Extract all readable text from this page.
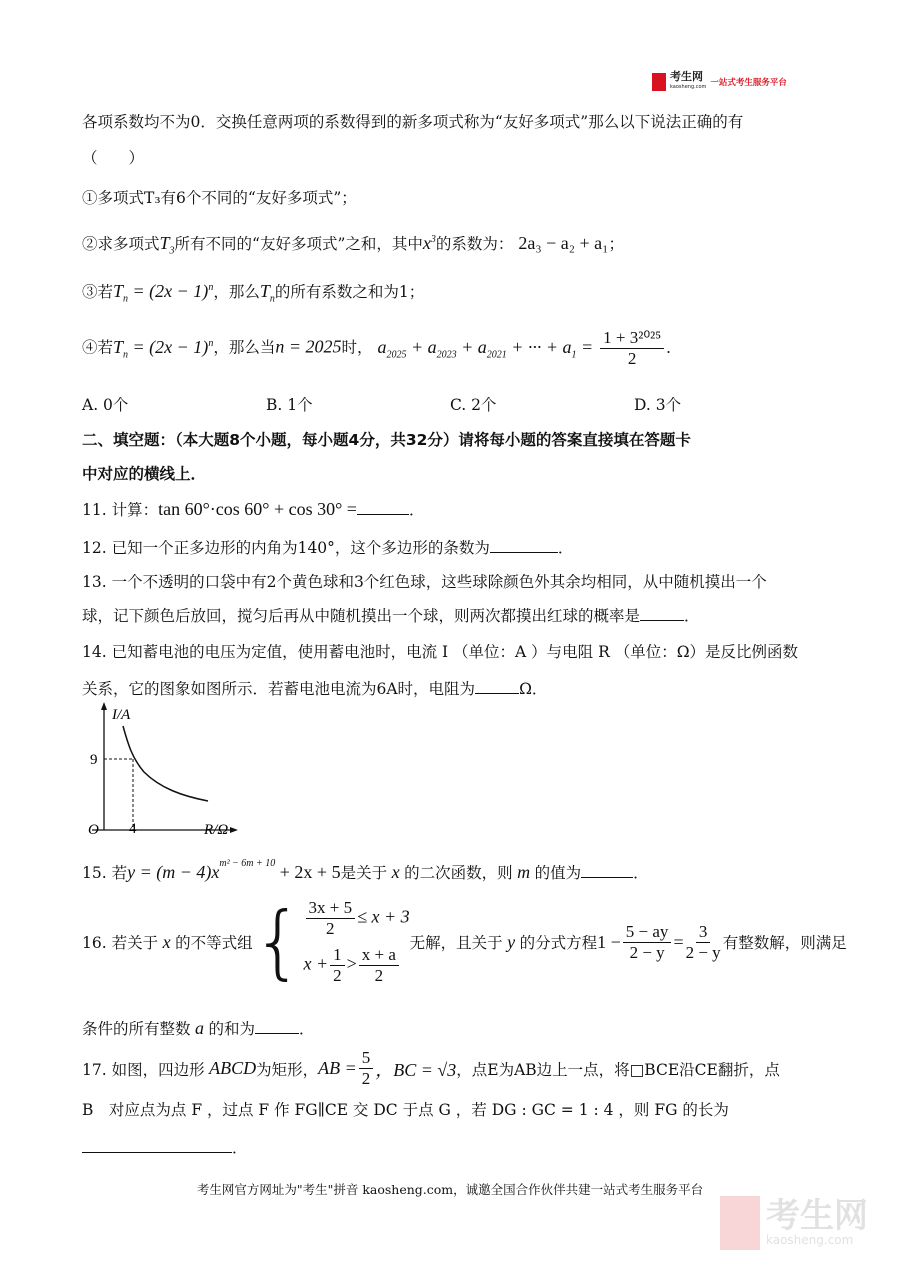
考生网
kaosheng.com 一站式考生服务平台
各项系数均不为0．交换任意两项的系数得到的新多项式称为“友好多项式”那么以下说法正确的有
（　　）
①多项式T₃有6个不同的“友好多项式”；
②求多项式$T_3$所有不同的“友好多项式”之和，其中$x^3$的系数为： 2a₃ − a₂ + a₁；
③若$T_n = (2x - 1)^n$，那么$T_n$的所有系数之和为1；
④若$T_n = (2x - 1)^n$，那么当n = 2025时， $a_{2025} + a_{2023} + a_{2021}$ + ··· + $a_1 = \frac{\text{1 + 3²⁰²⁵}}{2}$ ．
A. 0个	B. 1个	C. 2个	D. 3个
二、填空题：（本大题8个小题，每小题4分，共32分）请将每小题的答案直接填在答题卡
中对应的横线上．
11. 计算：tan 60°·cos 60° + cos 30° =	．
12. 已知一个正多边形的内角为140°，这个多边形的条数为	．
13. 一个不透明的口袋中有2个黄色球和3个红色球，这些球除颜色外其余均相同，从中随机摸出一个
球，记下颜色后放回，搅匀后再从中随机摸出一个球，则两次都摸出红球的概率是	．
14. 已知蓄电池的电压为定值，使用蓄电池时，电流 I （单位：A ）与电阻 R （单位：Ω）是反比例函数
关系，它的图象如图所示．若蓄电池电流为6A时，电阻为	Ω．
I/A
9
4
O	R/Ω
15. 若$y = (m - 4)x^{m^2 - 6m + 10} + 2x + 5$是关于 x 的二次函数，则 m 的值为	．
16. 若关于 x 的不等式组 { $\frac{3x + 5}{2} \le x + 3$
$x + \frac{1}{2} > \frac{x + a}{2}$
无解，且关于 y 的分式方程 $1 - \frac{5 - ay}{2 - y} = \frac{3}{2 - y}$ 有整数解，则满足
条件的所有整数 a 的和为	．
17. 如图，四边形
ABCD 为矩形， AB = $\frac{5}{2}$ ，BC = √3 ，点E为AB边上一点，将□BCE沿CE翻折，点
B　对应点为点 F ，过点 F 作 FG∥CE 交 DC 于点 G ，若 DG : GC = 1 : 4 ，则 FG 的长为
．
考生网官方网址为"考生"拼音 kaosheng.com，诚邀全国合作伙伴共建一站式考生服务平台
考生网
kaosheng.com
